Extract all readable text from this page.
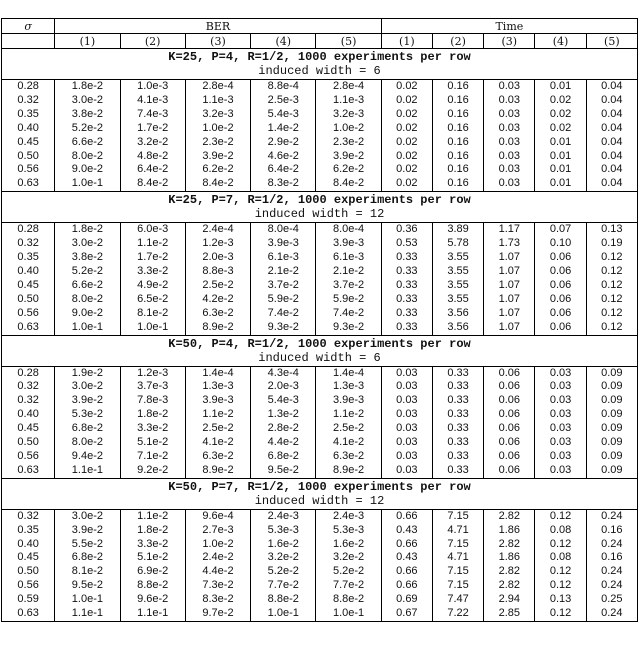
σ	BER					Time				
	(1)	(2)	(3)	(4)	(5)	(1)	(2)	(3)	(4)	(5)

K=25, P=4, R=1/2, 1000 experiments per row
induced width = 6										

0.28	1.8e-2	1.0e-3	2.8e-4	8.8e-4	2.8e-4	0.02	0.16	0.03	0.01	0.04
0.32	3.0e-2	4.1e-3	1.1e-3	2.5e-3	1.1e-3	0.02	0.16	0.03	0.02	0.04
0.35	3.8e-2	7.4e-3	3.2e-3	5.4e-3	3.2e-3	0.02	0.16	0.03	0.02	0.04
0.40	5.2e-2	1.7e-2	1.0e-2	1.4e-2	1.0e-2	0.02	0.16	0.03	0.02	0.04
0.45	6.6e-2	3.2e-2	2.3e-2	2.9e-2	2.3e-2	0.02	0.16	0.03	0.01	0.04
0.50	8.0e-2	4.8e-2	3.9e-2	4.6e-2	3.9e-2	0.02	0.16	0.03	0.01	0.04
0.56	9.0e-2	6.4e-2	6.2e-2	6.4e-2	6.2e-2	0.02	0.16	0.03	0.01	0.04
0.63	1.0e-1	8.4e-2	8.4e-2	8.3e-2	8.4e-2	0.02	0.16	0.03	0.01	0.04

K=25, P=7, R=1/2, 1000 experiments per row
induced width = 12										

0.28	1.8e-2	6.0e-3	2.4e-4	8.0e-4	8.0e-4	0.36	3.89	1.17	0.07	0.13
0.32	3.0e-2	1.1e-2	1.2e-3	3.9e-3	3.9e-3	0.53	5.78	1.73	0.10	0.19
0.35	3.8e-2	1.7e-2	2.0e-3	6.1e-3	6.1e-3	0.33	3.55	1.07	0.06	0.12
0.40	5.2e-2	3.3e-2	8.8e-3	2.1e-2	2.1e-2	0.33	3.55	1.07	0.06	0.12
0.45	6.6e-2	4.9e-2	2.5e-2	3.7e-2	3.7e-2	0.33	3.55	1.07	0.06	0.12
0.50	8.0e-2	6.5e-2	4.2e-2	5.9e-2	5.9e-2	0.33	3.55	1.07	0.06	0.12
0.56	9.0e-2	8.1e-2	6.3e-2	7.4e-2	7.4e-2	0.33	3.56	1.07	0.06	0.12
0.63	1.0e-1	1.0e-1	8.9e-2	9.3e-2	9.3e-2	0.33	3.56	1.07	0.06	0.12

K=50, P=4, R=1/2, 1000 experiments per row
induced width = 6										

0.28	1.9e-2	1.2e-3	1.4e-4	4.3e-4	1.4e-4	0.03	0.33	0.06	0.03	0.09
0.32	3.0e-2	3.7e-3	1.3e-3	2.0e-3	1.3e-3	0.03	0.33	0.06	0.03	0.09
0.32	3.9e-2	7.8e-3	3.9e-3	5.4e-3	3.9e-3	0.03	0.33	0.06	0.03	0.09
0.40	5.3e-2	1.8e-2	1.1e-2	1.3e-2	1.1e-2	0.03	0.33	0.06	0.03	0.09
0.45	6.8e-2	3.3e-2	2.5e-2	2.8e-2	2.5e-2	0.03	0.33	0.06	0.03	0.09
0.50	8.0e-2	5.1e-2	4.1e-2	4.4e-2	4.1e-2	0.03	0.33	0.06	0.03	0.09
0.56	9.4e-2	7.1e-2	6.3e-2	6.8e-2	6.3e-2	0.03	0.33	0.06	0.03	0.09
0.63	1.1e-1	9.2e-2	8.9e-2	9.5e-2	8.9e-2	0.03	0.33	0.06	0.03	0.09

K=50, P=7, R=1/2, 1000 experiments per row
induced width = 12										

0.32	3.0e-2	1.1e-2	9.6e-4	2.4e-3	2.4e-3	0.66	7.15	2.82	0.12	0.24
0.35	3.9e-2	1.8e-2	2.7e-3	5.3e-3	5.3e-3	0.43	4.71	1.86	0.08	0.16
0.40	5.5e-2	3.3e-2	1.0e-2	1.6e-2	1.6e-2	0.66	7.15	2.82	0.12	0.24
0.45	6.8e-2	5.1e-2	2.4e-2	3.2e-2	3.2e-2	0.43	4.71	1.86	0.08	0.16
0.50	8.1e-2	6.9e-2	4.4e-2	5.2e-2	5.2e-2	0.66	7.15	2.82	0.12	0.24
0.56	9.5e-2	8.8e-2	7.3e-2	7.7e-2	7.7e-2	0.66	7.15	2.82	0.12	0.24
0.59	1.0e-1	9.6e-2	8.3e-2	8.8e-2	8.8e-2	0.69	7.47	2.94	0.13	0.25
0.63	1.1e-1	1.1e-1	9.7e-2	1.0e-1	1.0e-1	0.67	7.22	2.85	0.12	0.24
